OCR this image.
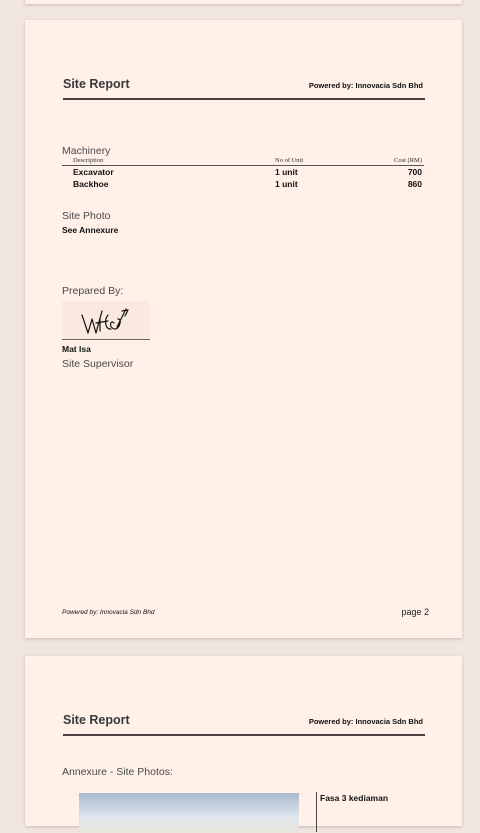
Site Report	Powered by: Innovacia Sdn Bhd
Machinery
Description	No of Unit	Cost (RM)
Excavator	1 unit	700
Backhoe	1 unit	860
Site Photo
See Annexure
Prepared By:
Mat Isa
Site Supervisor
Powered by: Innovacia Sdn Bhd	page 2
Site Report	Powered by: Innovacia Sdn Bhd
Annexure - Site Photos:
Fasa 3 kediaman
